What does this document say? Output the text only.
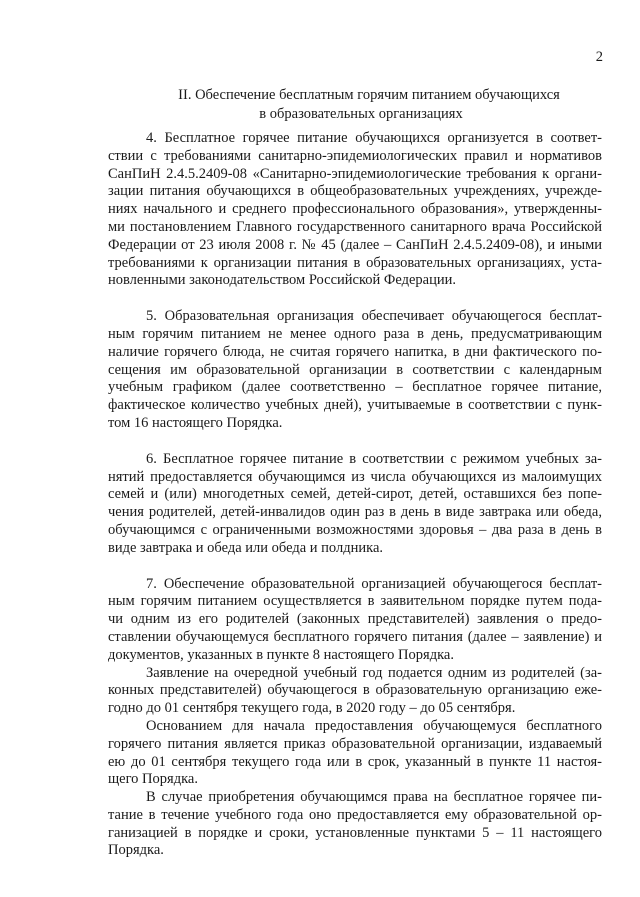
2
II. Обеспечение бесплатным горячим питанием обучающихся
в образовательных организациях
4. Бесплатное горячее питание обучающихся организуется в соответ-
ствии с требованиями санитарно-эпидемиологических правил и нормативов
СанПиН 2.4.5.2409-08 «Санитарно-эпидемиологические требования к органи-
зации питания обучающихся в общеобразовательных учреждениях, учрежде-
ниях начального и среднего профессионального образования», утвержденны-
ми постановлением Главного государственного санитарного врача Российской
Федерации от 23 июля 2008 г. № 45 (далее – СанПиН 2.4.5.2409-08), и иными
требованиями к организации питания в образовательных организациях, уста-
новленными законодательством Российской Федерации.
5. Образовательная организация обеспечивает обучающегося бесплат-
ным горячим питанием не менее одного раза в день, предусматривающим
наличие горячего блюда, не считая горячего напитка, в дни фактического по-
сещения им образовательной организации в соответствии с календарным
учебным графиком (далее соответственно – бесплатное горячее питание,
фактическое количество учебных дней), учитываемые в соответствии с пунк-
том 16 настоящего Порядка.
6. Бесплатное горячее питание в соответствии с режимом учебных за-
нятий предоставляется обучающимся из числа обучающихся из малоимущих
семей и (или) многодетных семей, детей-сирот, детей, оставшихся без попе-
чения родителей, детей-инвалидов один раз в день в виде завтрака или обеда,
обучающимся с ограниченными возможностями здоровья – два раза в день в
виде завтрака и обеда или обеда и полдника.
7. Обеспечение образовательной организацией обучающегося бесплат-
ным горячим питанием осуществляется в заявительном порядке путем пода-
чи одним из его родителей (законных представителей) заявления о предо-
ставлении обучающемуся бесплатного горячего питания (далее – заявление) и
документов, указанных в пункте 8 настоящего Порядка.
Заявление на очередной учебный год подается одним из родителей (за-
конных представителей) обучающегося в образовательную организацию еже-
годно до 01 сентября текущего года, в 2020 году – до 05 сентября.
Основанием для начала предоставления обучающемуся бесплатного
горячего питания является приказ образовательной организации, издаваемый
ею до 01 сентября текущего года или в срок, указанный в пункте 11 настоя-
щего Порядка.
В случае приобретения обучающимся права на бесплатное горячее пи-
тание в течение учебного года оно предоставляется ему образовательной ор-
ганизацией в порядке и сроки, установленные пунктами 5 – 11 настоящего
Порядка.
